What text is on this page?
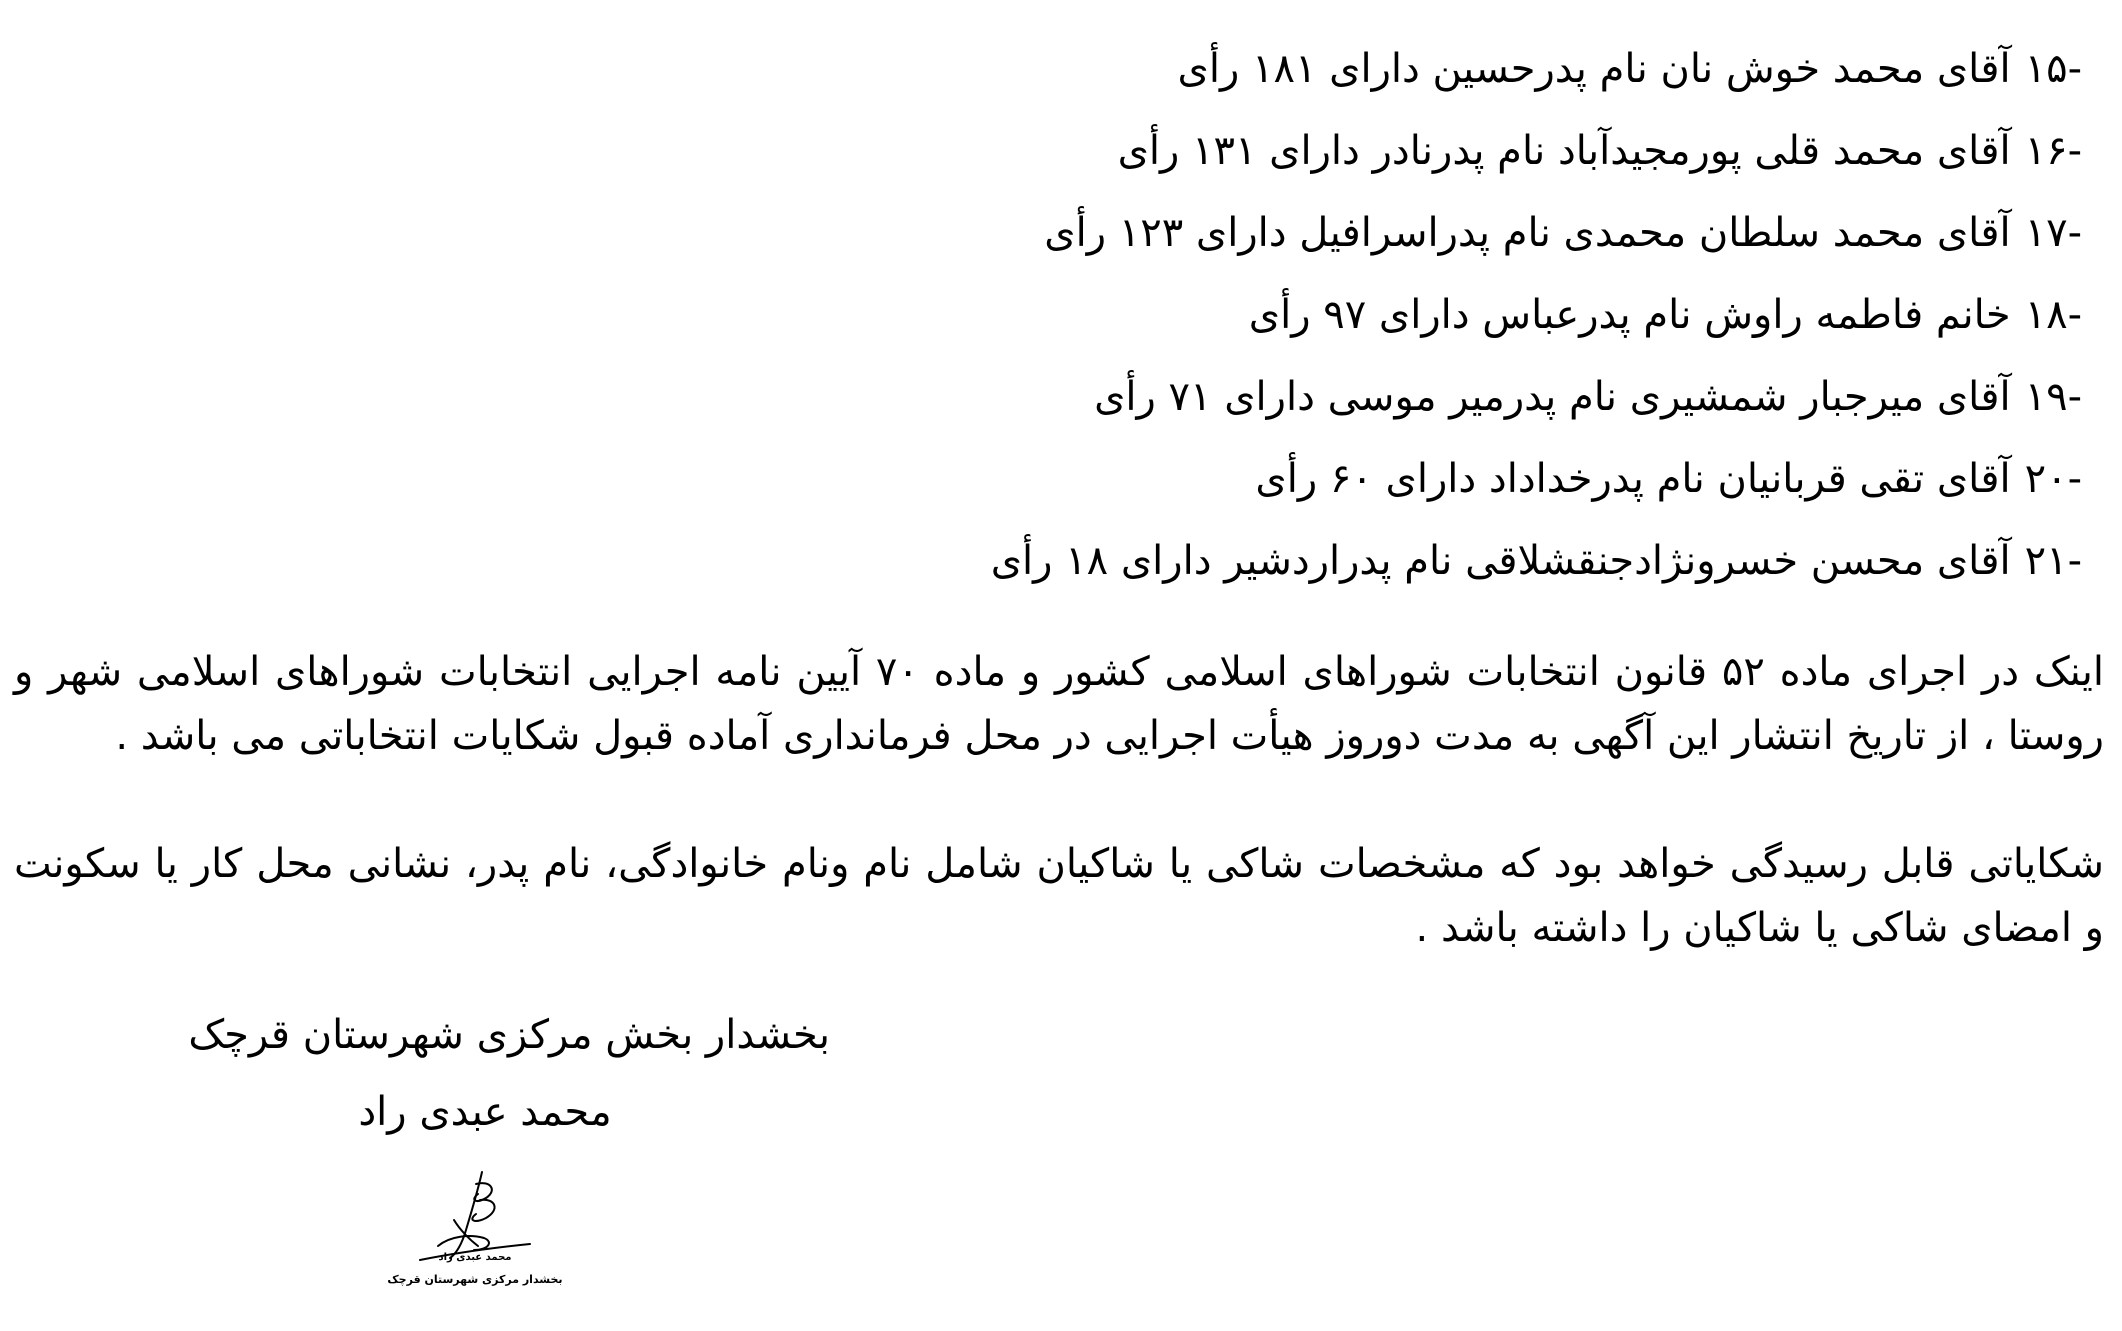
-۱۵آقای محمد خوش نان نام پدرحسین دارای ۱۸۱ رأی
-۱۶آقای محمد قلی پورمجیدآباد نام پدرنادر دارای ۱۳۱ رأی
-۱۷آقای محمد سلطان محمدی نام پدراسرافیل دارای ۱۲۳ رأی
-۱۸خانم فاطمه راوش نام پدرعباس دارای ۹۷ رأی
-۱۹آقای میرجبار شمشیری نام پدرمیر موسی دارای ۷۱ رأی
-۲۰آقای تقی قربانیان نام پدرخداداد دارای ۶۰ رأی
-۲۱آقای محسن خسرونژادجنقشلاقی نام پدراردشیر دارای ۱۸ رأی

اینک در اجرای ماده ۵۲ قانون انتخابات شوراهای اسلامی کشور و ماده ۷۰ آیین نامه اجرایی انتخابات شوراهای اسلامی شهر و روستا ، از تاریخ انتشار این آگهی به مدت دوروز هیأت اجرایی در محل فرمانداری آماده قبول شکایات انتخاباتی می باشد .

شکایاتی قابل رسیدگی خواهد بود که مشخصات شاکی یا شاکیان شامل نام ونام خانوادگی، نام پدر، نشانی محل کار یا سکونت و امضای شاکی یا شاکیان را داشته باشد .

بخشدار بخش مرکزی شهرستان قرچک
محمد عبدی راد
محمد عبدی راد
بخشدار مرکزی شهرستان قرچک
